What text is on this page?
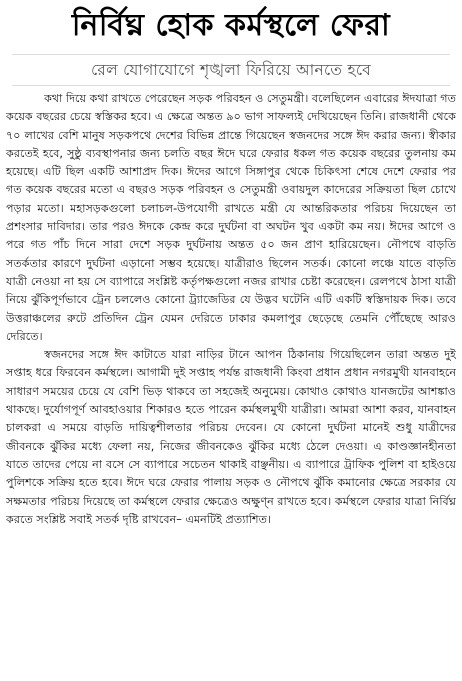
নির্বিঘ্ন হোক কর্মস্থলে ফেরা
রেল যোগাযোগে শৃঙ্খলা ফিরিয়ে আনতে হবে

কথা দিয়ে কথা রাখতে পেরেছেন সড়ক পরিবহন ও সেতুমন্ত্রী। বলেছিলেন এবারের ঈদযাত্রা গত কয়েক বছরের চেয়ে স্বস্তিকর হবে। এ ক্ষেত্রে অন্তত ৯০ ভাগ সাফল্যই দেখিয়েছেন তিনি। রাজধানী থেকে ৭০ লাখের বেশি মানুষ সড়কপথে দেশের বিভিন্ন প্রান্তে গিয়েছেন স্বজনদের সঙ্গে ঈদ করার জন্য। স্বীকার করতেই হবে, সুষ্ঠু ব্যবস্থাপনার জন্য চলতি বছর ঈদে ঘরে ফেরার ধকল গত কয়েক বছরের তুলনায় কম হয়েছে। এটি ছিল একটি আশাপ্রদ দিক। ঈদের আগে সিঙ্গাপুর থেকে চিকিৎসা শেষে দেশে ফেরার পর গত কয়েক বছরের মতো এ বছরও সড়ক পরিবহন ও সেতুমন্ত্রী ওবায়দুল কাদেরের সক্রিয়তা ছিল চোখে পড়ার মতো। মহাসড়কগুলো চলাচল-উপযোগী রাখতে মন্ত্রী যে আন্তরিকতার পরিচয় দিয়েছেন তা প্রশংসার দাবিদার। তার পরও ঈদকে কেন্দ্র করে দুর্ঘটনা বা অঘটন খুব একটা কম নয়। ঈদের আগে ও পরে গত পাঁচ দিনে সারা দেশে সড়ক দুর্ঘটনায় অন্তত ৫০ জন প্রাণ হারিয়েছেন। নৌপথে বাড়তি সতর্কতার কারণে দুর্ঘটনা এড়ানো সম্ভব হয়েছে। যাত্রীরাও ছিলেন সতর্ক। কোনো লঞ্চে যাতে বাড়তি যাত্রী নেওয়া না হয় সে ব্যাপারে সংশ্লিষ্ট কর্তৃপক্ষগুলো নজর রাখার চেষ্টা করেছেন। রেলপথে ঠাসা যাত্রী নিয়ে ঝুঁকিপূর্ণভাবে ট্রেন চললেও কোনো ট্র্যাজেডির যে উদ্ভব ঘটেনি এটি একটি স্বস্তিদায়ক দিক। তবে উত্তরাঞ্চলের রুটে প্রতিদিন ট্রেন যেমন দেরিতে ঢাকার কমলাপুর ছেড়েছে তেমনি পৌঁছেছে আরও দেরিতে।

স্বজনদের সঙ্গে ঈদ কাটাতে যারা নাড়ির টানে আপন ঠিকানায় গিয়েছিলেন তারা অন্তত দুই সপ্তাহ ধরে ফিরবেন কর্মস্থলে। আগামী দুই সপ্তাহ পর্যন্ত রাজধানী কিংবা প্রধান প্রধান নগরমুখী যানবাহনে সাধারণ সময়ের চেয়ে যে বেশি ভিড় থাকবে তা সহজেই অনুমেয়। কোথাও কোথাও যানজটের আশঙ্কাও থাকছে। দুর্যোগপূর্ণ আবহাওয়ার শিকারও হতে পারেন কর্মস্থলমুখী যাত্রীরা। আমরা আশা করব, যানবাহন চালকরা এ সময়ে বাড়তি দায়িত্বশীলতার পরিচয় দেবেন। যে কোনো দুর্ঘটনা মানেই শুধু যাত্রীদের জীবনকে ঝুঁকির মধ্যে ফেলা নয়, নিজের জীবনকেও ঝুঁকির মধ্যে ঠেলে দেওয়া। এ কাণ্ডজ্ঞানহীনতা যাতে তাদের পেয়ে না বসে সে ব্যাপারে সচেতন থাকাই বাঞ্ছনীয়। এ ব্যাপারে ট্রাফিক পুলিশ বা হাইওয়ে পুলিশকে সক্রিয় হতে হবে। ঈদে ঘরে ফেরার পালায় সড়ক ও নৌপথে ঝুঁকি কমানোর ক্ষেত্রে সরকার যে সক্ষমতার পরিচয় দিয়েছে তা কর্মস্থলে ফেরার ক্ষেত্রেও অক্ষুণ্ন রাখতে হবে। কর্মস্থলে ফেরার যাত্রা নির্বিঘ্ন করতে সংশ্লিষ্ট সবাই সতর্ক দৃষ্টি রাখবেন– এমনটিই প্রত্যাশিত।
